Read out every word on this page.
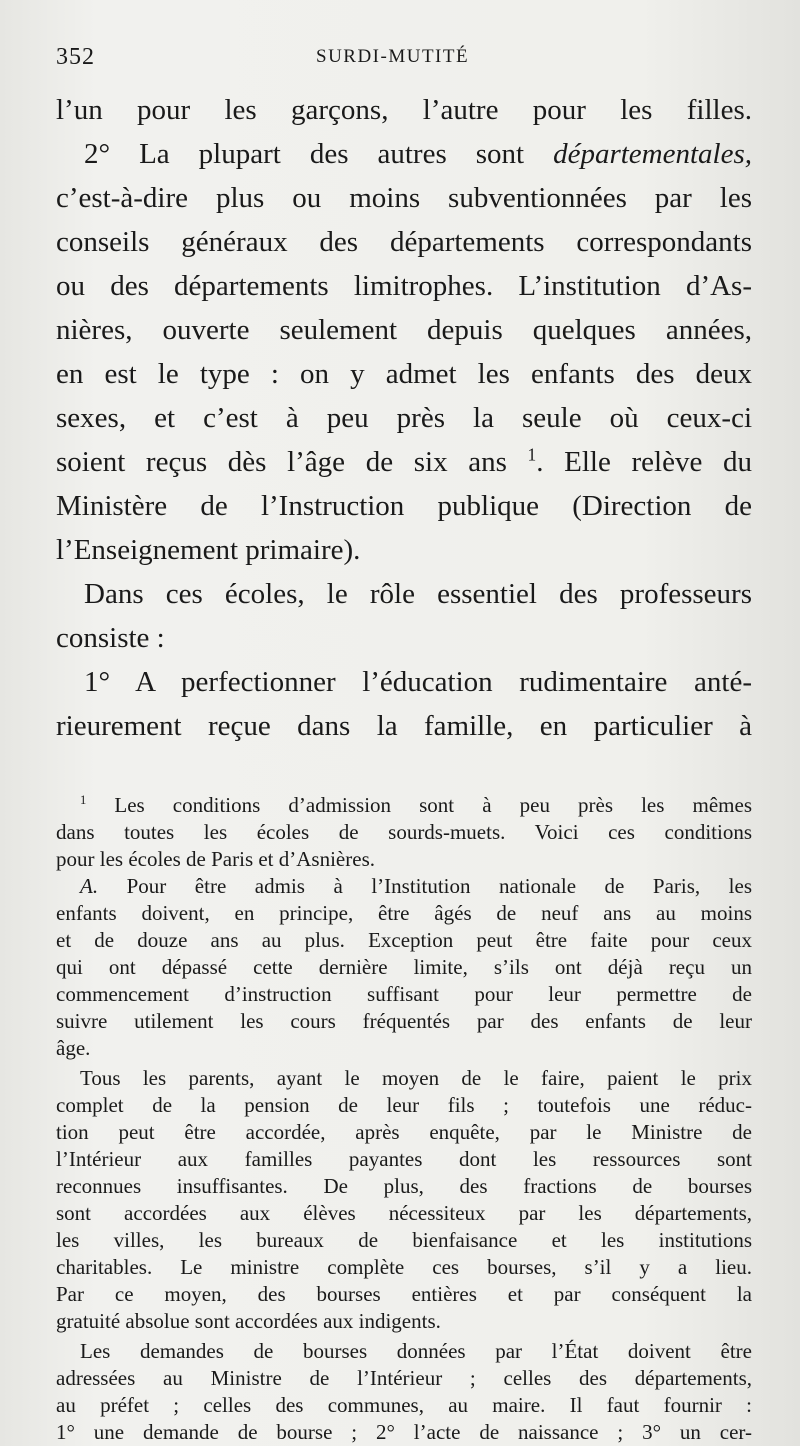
352	SURDI-MUTITÉ
l’un pour les garçons, l’autre pour les filles.
2° La plupart des autres sont départementales,
c’est-à-dire plus ou moins subventionnées par les
conseils généraux des départements correspondants
ou des départements limitrophes. L’institution d’As-
nières, ouverte seulement depuis quelques années,
en est le type : on y admet les enfants des deux
sexes, et c’est à peu près la seule où ceux-ci
soient reçus dès l’âge de six ans $^1$. Elle relève du
Ministère de l’Instruction publique (Direction de
l’Enseignement primaire).
Dans ces écoles, le rôle essentiel des professeurs
consiste :
1° A perfectionner l’éducation rudimentaire anté-
rieurement reçue dans la famille, en particulier à
$^1$ Les conditions d’admission sont à peu près les mêmes
dans toutes les écoles de sourds-muets. Voici ces conditions
pour les écoles de Paris et d’Asnières.
A. Pour être admis à l’Institution nationale de Paris, les
enfants doivent, en principe, être âgés de neuf ans au moins
et de douze ans au plus. Exception peut être faite pour ceux
qui ont dépassé cette dernière limite, s’ils ont déjà reçu un
commencement d’instruction suffisant pour leur permettre de
suivre utilement les cours fréquentés par des enfants de leur
âge.
Tous les parents, ayant le moyen de le faire, paient le prix
complet de la pension de leur fils ; toutefois une réduc-
tion peut être accordée, après enquête, par le Ministre de
l’Intérieur aux familles payantes dont les ressources sont
reconnues insuffisantes. De plus, des fractions de bourses
sont accordées aux élèves nécessiteux par les départements,
les villes, les bureaux de bienfaisance et les institutions
charitables. Le ministre complète ces bourses, s’il y a lieu.
Par ce moyen, des bourses entières et par conséquent la
gratuité absolue sont accordées aux indigents.
Les demandes de bourses données par l’État doivent être
adressées au Ministre de l’Intérieur ; celles des départements,
au préfet ; celles des communes, au maire. Il faut fournir :
1° une demande de bourse ; 2° l’acte de naissance ; 3° un cer-
